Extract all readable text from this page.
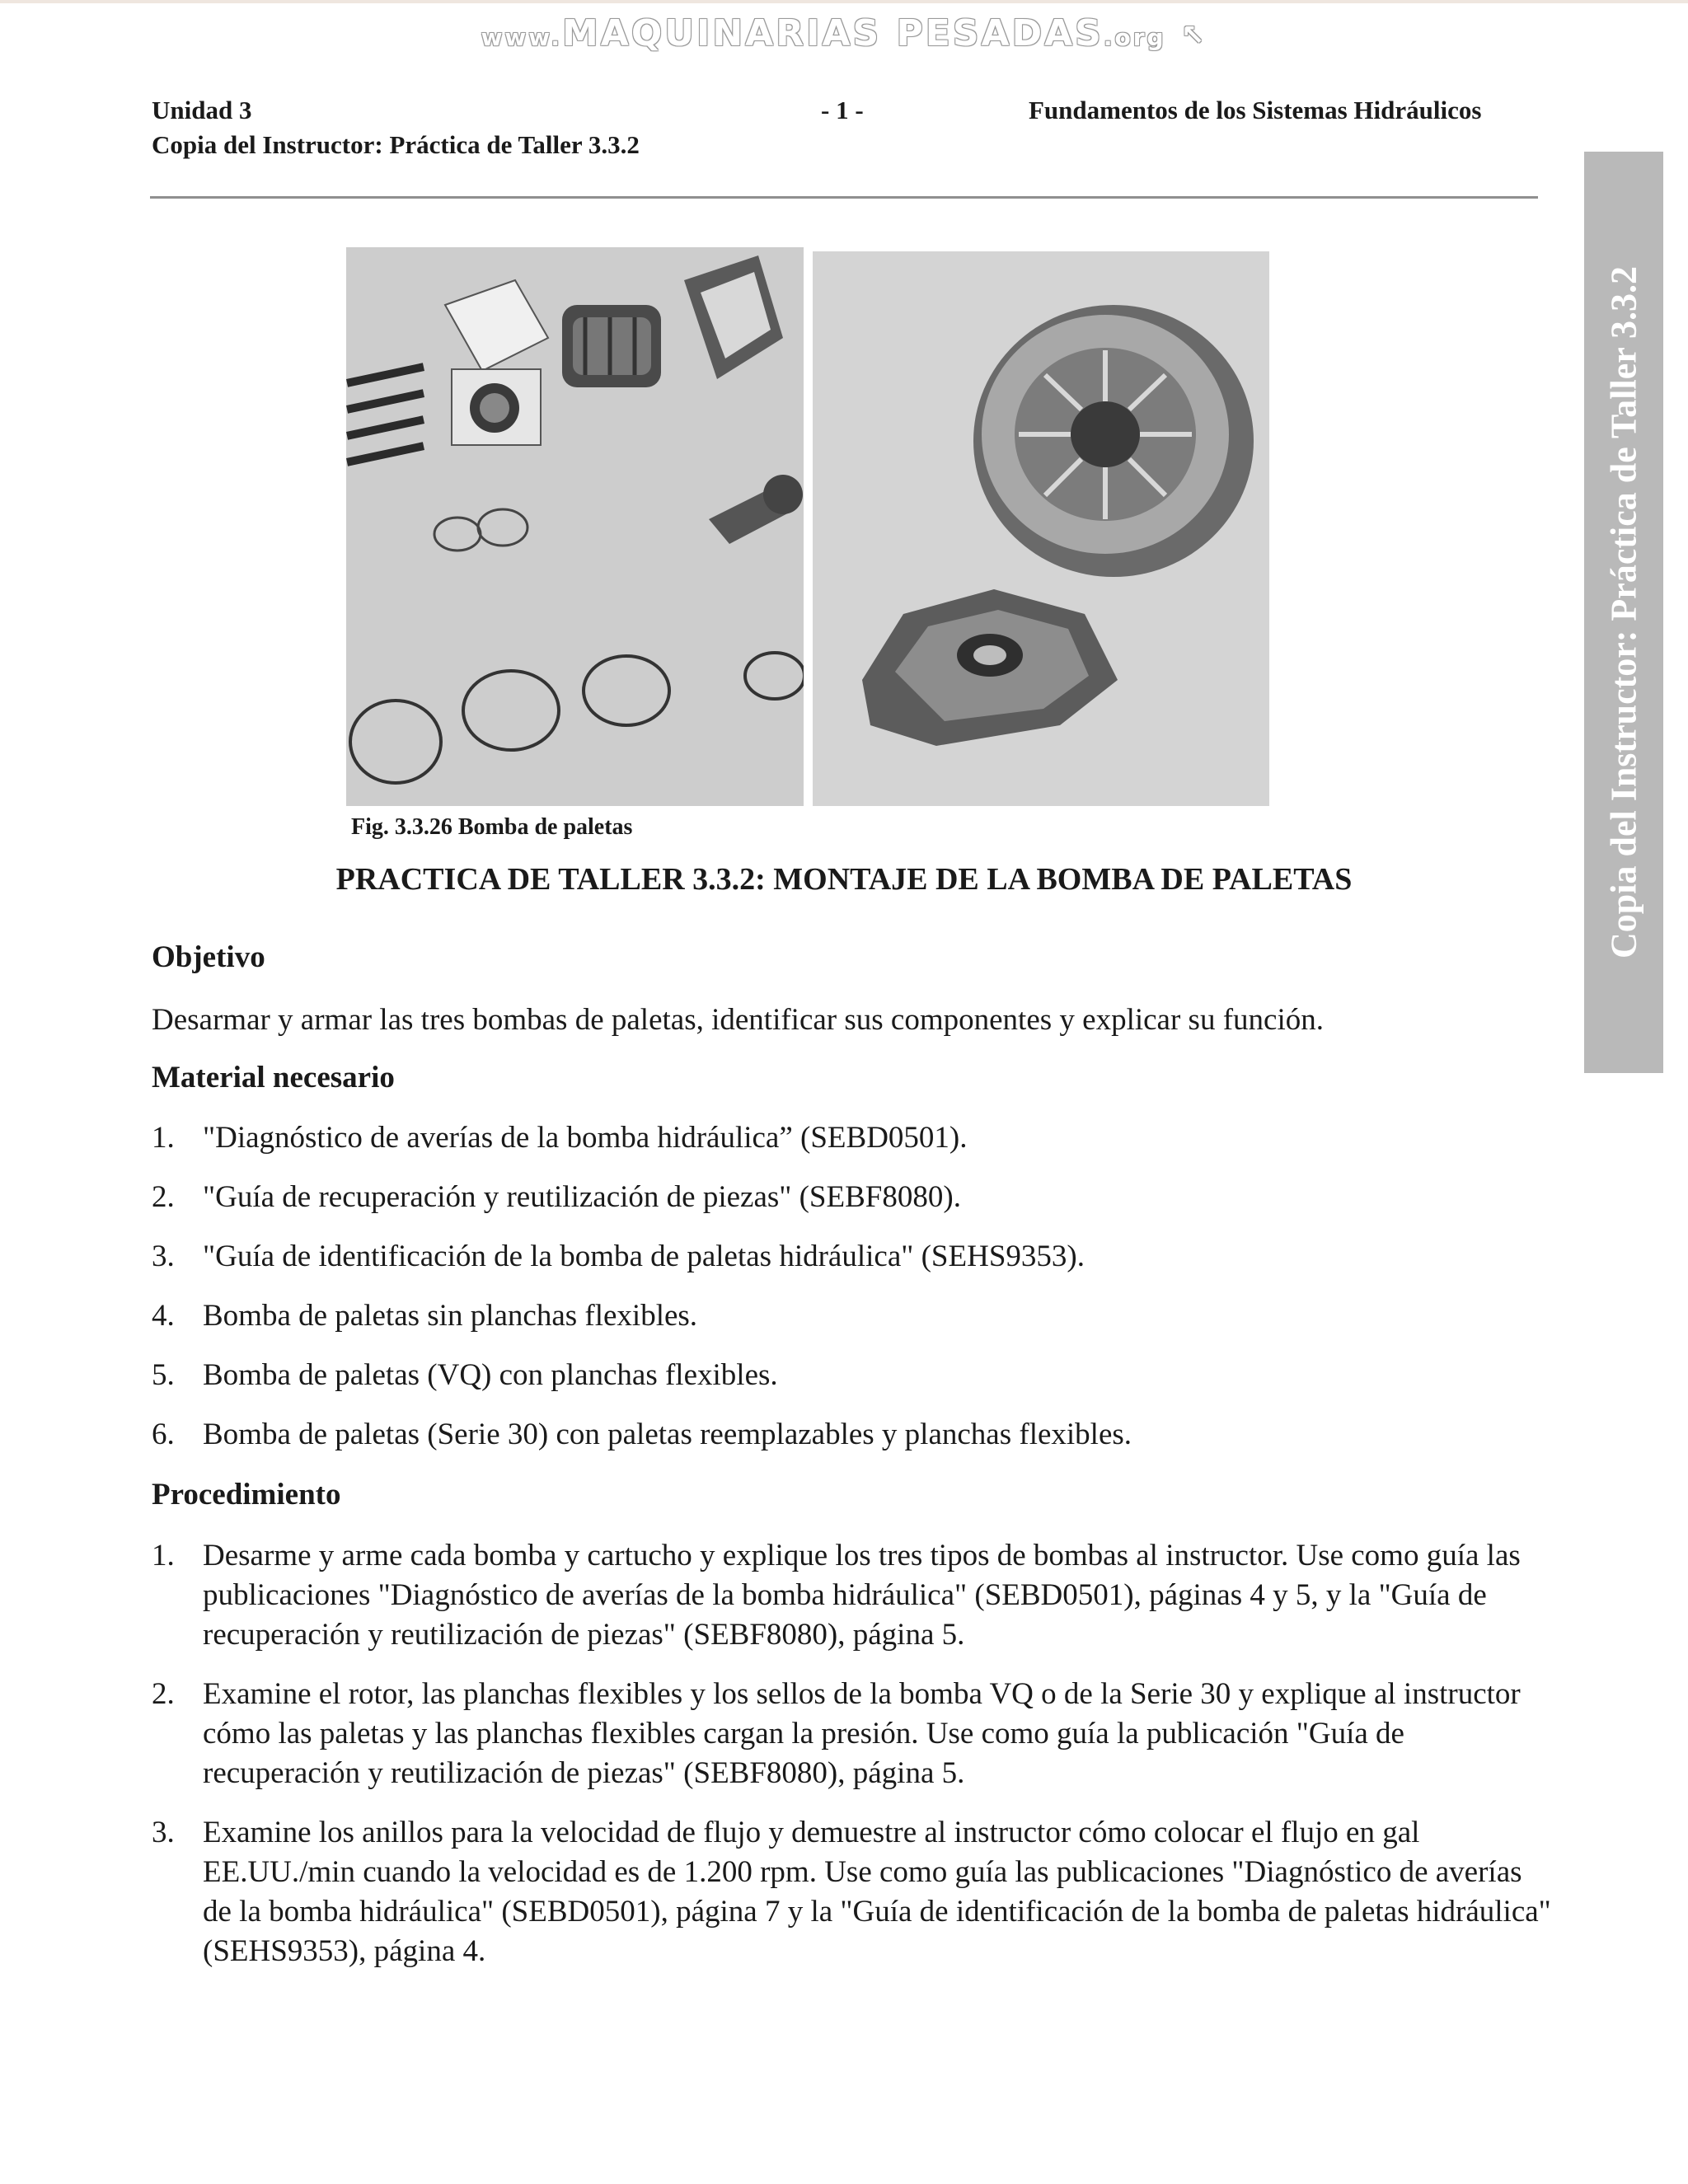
www.MAQUINARIAS PESADAS.org ↖
Unidad 3	- 1 -	Fundamentos de los Sistemas Hidráulicos
Copia del Instructor: Práctica de Taller 3.3.2
Fig. 3.3.26 Bomba de paletas
PRACTICA DE TALLER 3.3.2: MONTAJE DE LA BOMBA DE PALETAS
Objetivo
Desarmar y armar las tres bombas de paletas, identificar sus componentes y explicar su función.
Material necesario
1. "Diagnóstico de averías de la bomba hidráulica” (SEBD0501).
2. "Guía de recuperación y reutilización de piezas" (SEBF8080).
3. "Guía de identificación de la bomba de paletas hidráulica" (SEHS9353).
4. Bomba de paletas sin planchas flexibles.
5. Bomba de paletas (VQ) con planchas flexibles.
6. Bomba de paletas (Serie 30) con paletas reemplazables y planchas flexibles.
Procedimiento
1. Desarme y arme cada bomba y cartucho y explique los tres tipos de bombas al instructor. Use como guía las publicaciones "Diagnóstico de averías de la bomba hidráulica" (SEBD0501), páginas 4 y 5, y la "Guía de recuperación y reutilización de piezas" (SEBF8080), página 5.
2. Examine el rotor, las planchas flexibles y los sellos de la bomba VQ o de la Serie 30 y explique al instructor cómo las paletas y las planchas flexibles cargan la presión. Use como guía la publicación "Guía de recuperación y reutilización de piezas" (SEBF8080), página 5.
3. Examine los anillos para la velocidad de flujo y demuestre al instructor cómo colocar el flujo en gal EE.UU./min cuando la velocidad es de 1.200 rpm. Use como guía las publicaciones "Diagnóstico de averías de la bomba hidráulica" (SEBD0501), página 7 y la "Guía de identificación de la bomba de paletas hidráulica" (SEHS9353), página 4.
Copia del Instructor: Práctica de Taller 3.3.2
